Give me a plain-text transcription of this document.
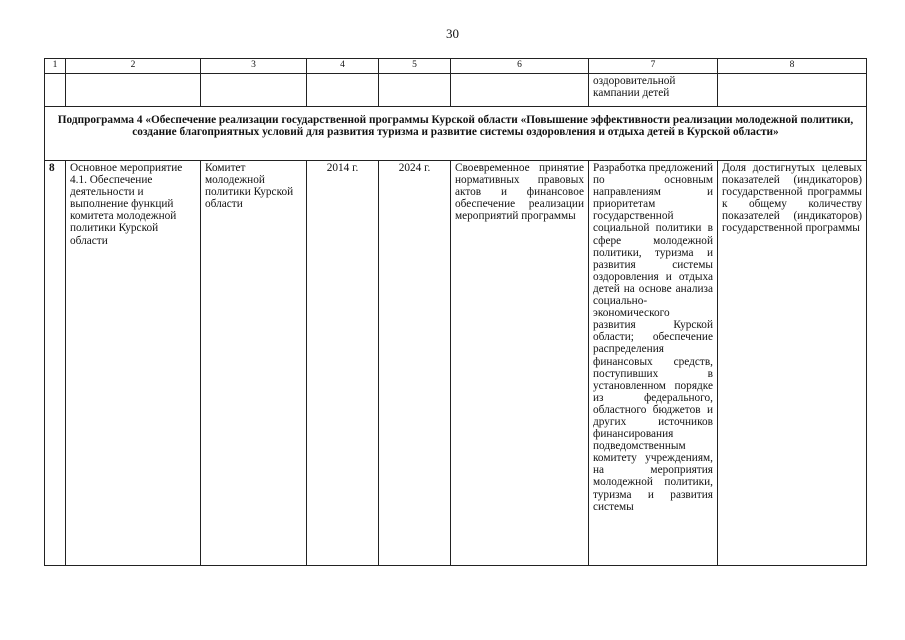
30
1	2	3	4	5	6	7	8
						оздоровительной кампании детей	
Подпрограмма 4 «Обеспечение реализации государственной программы Курской области «Повышение эффективности реализации молодежной политики, создание благоприятных условий для развития туризма и развитие системы оздоровления и отдыха детей в Курской области»							
8	Основное мероприятие 4.1. Обеспечение деятельности и выполнение функций комитета молодежной политики Курской области	Комитет молодежной политики Курской области	2014 г.	2024 г.	Своевременное принятие нормативных правовых актов и финансовое обеспечение реализации мероприятий программы	Разработка предложений по основным направлениям и приоритетам государственной социальной политики в сфере молодежной политики, туризма и развития системы оздоровления и отдыха детей на основе анализа социально-экономического развития Курской области; обеспечение распределения финансовых средств, поступивших в установленном порядке из федерального, областного бюджетов и других источников финансирования подведомственным комитету учреждениям, на мероприятия молодежной политики, туризма и развития системы	Доля достигнутых целевых показателей (индикаторов) государственной программы к общему количеству показателей (индикаторов) государственной программы
